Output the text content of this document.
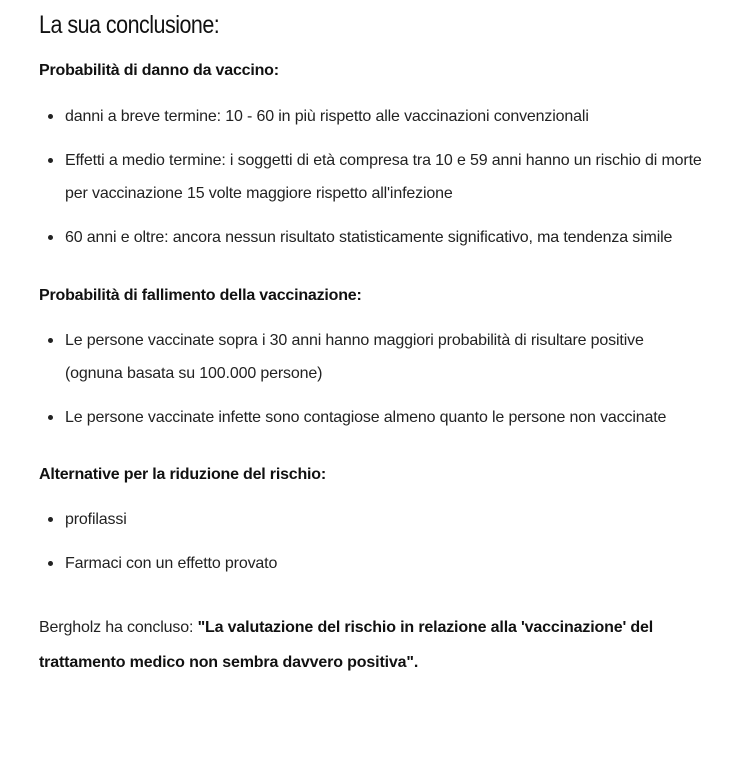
La sua conclusione:

Probabilità di danno da vaccino:

danni a breve termine: 10 - 60 in più rispetto alle vaccinazioni convenzionali
Effetti a medio termine: i soggetti di età compresa tra 10 e 59 anni hanno un rischio di morte per vaccinazione 15 volte maggiore rispetto all'infezione
60 anni e oltre: ancora nessun risultato statisticamente significativo, ma tendenza simile

Probabilità di fallimento della vaccinazione:

Le persone vaccinate sopra i 30 anni hanno maggiori probabilità di risultare positive (ognuna basata su 100.000 persone)
Le persone vaccinate infette sono contagiose almeno quanto le persone non vaccinate

Alternative per la riduzione del rischio:

profilassi
Farmaci con un effetto provato

Bergholz ha concluso: "La valutazione del rischio in relazione alla 'vaccinazione' del trattamento medico non sembra davvero positiva".
